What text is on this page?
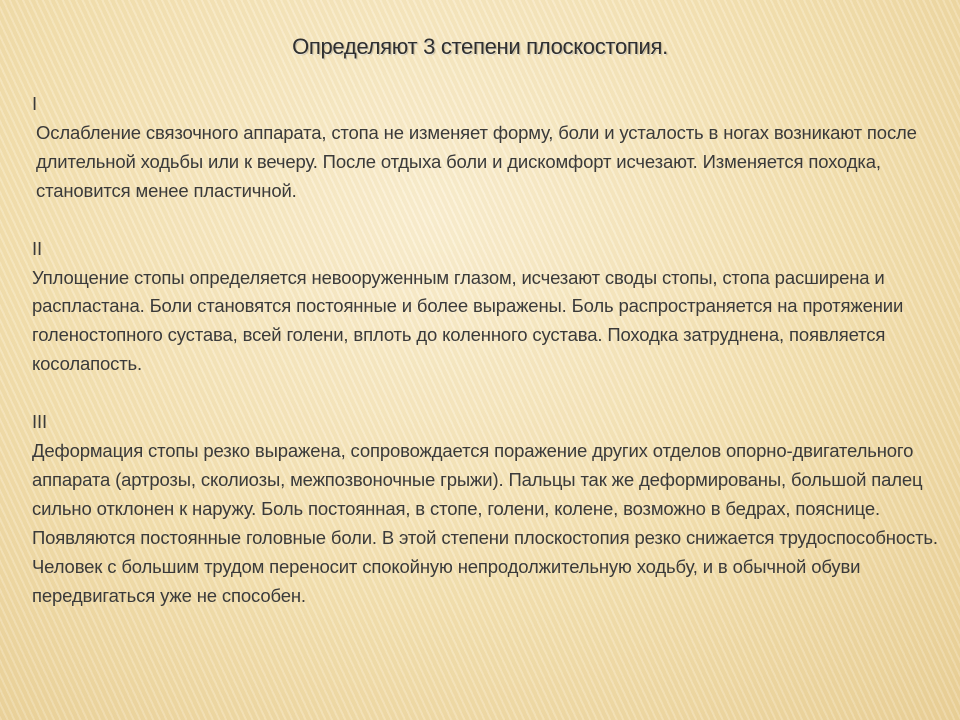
Определяют 3 степени плоскостопия.
I
Ослабление связочного аппарата, стопа не изменяет форму, боли и усталость в ногах возникают после длительной ходьбы или к вечеру. После отдыха боли и дискомфорт исчезают. Изменяется походка, становится менее пластичной.
II
Уплощение стопы определяется невооруженным глазом, исчезают своды стопы, стопа расширена и распластана. Боли становятся постоянные и более выражены. Боль распространяется на протяжении голеностопного сустава, всей голени, вплоть до коленного сустава. Походка затруднена, появляется косолапость.
III
Деформация стопы резко выражена, сопровождается поражение других отделов опорно-двигательного аппарата (артрозы, сколиозы, межпозвоночные грыжи). Пальцы так же деформированы, большой палец сильно отклонен к наружу. Боль постоянная, в стопе, голени, колене, возможно в бедрах, пояснице. Появляются постоянные головные боли. В этой степени плоскостопия резко снижается трудоспособность. Человек с большим трудом переносит спокойную непродолжительную ходьбу, и в обычной обуви передвигаться уже не способен.
